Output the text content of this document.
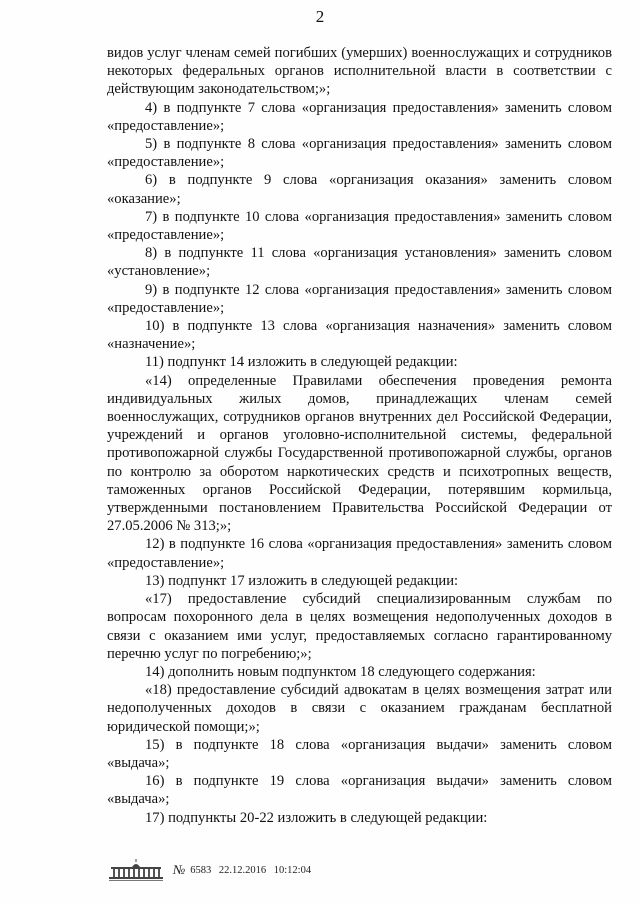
2

видов услуг членам семей погибших (умерших) военнослужащих и сотрудников некоторых федеральных органов исполнительной власти в соответствии с действующим законодательством;»;

4) в подпункте 7 слова «организация предоставления» заменить словом «предоставление»;

5) в подпункте 8 слова «организация предоставления» заменить словом «предоставление»;

6) в подпункте 9 слова «организация оказания» заменить словом «оказание»;

7) в подпункте 10 слова «организация предоставления» заменить словом «предоставление»;

8) в подпункте 11 слова «организация установления» заменить словом «установление»;

9) в подпункте 12 слова «организация предоставления» заменить словом «предоставление»;

10) в подпункте 13 слова «организация назначения» заменить словом «назначение»;

11) подпункт 14 изложить в следующей редакции:

«14) определенные Правилами обеспечения проведения ремонта индивидуальных жилых домов, принадлежащих членам семей военнослужащих, сотрудников органов внутренних дел Российской Федерации, учреждений и органов уголовно-исполнительной системы, федеральной противопожарной службы Государственной противопожарной службы, органов по контролю за оборотом наркотических средств и психотропных веществ, таможенных органов Российской Федерации, потерявшим кормильца, утвержденными постановлением Правительства Российской Федерации от 27.05.2006 № 313;»;

12) в подпункте 16 слова «организация предоставления» заменить словом «предоставление»;

13) подпункт 17 изложить в следующей редакции:

«17) предоставление субсидий специализированным службам по вопросам похоронного дела в целях возмещения недополученных доходов в связи с оказанием ими услуг, предоставляемых согласно гарантированному перечню услуг по погребению;»;

14) дополнить новым подпунктом 18 следующего содержания:

«18) предоставление субсидий адвокатам в целях возмещения затрат или недополученных доходов в связи с оказанием гражданам бесплатной юридической помощи;»;

15) в подпункте 18 слова «организация выдачи» заменить словом «выдача»;

16) в подпункте 19 слова «организация выдачи» заменить словом «выдача»;

17) подпункты 20-22 изложить в следующей редакции:

№ 6583 22.12.2016 10:12:04
